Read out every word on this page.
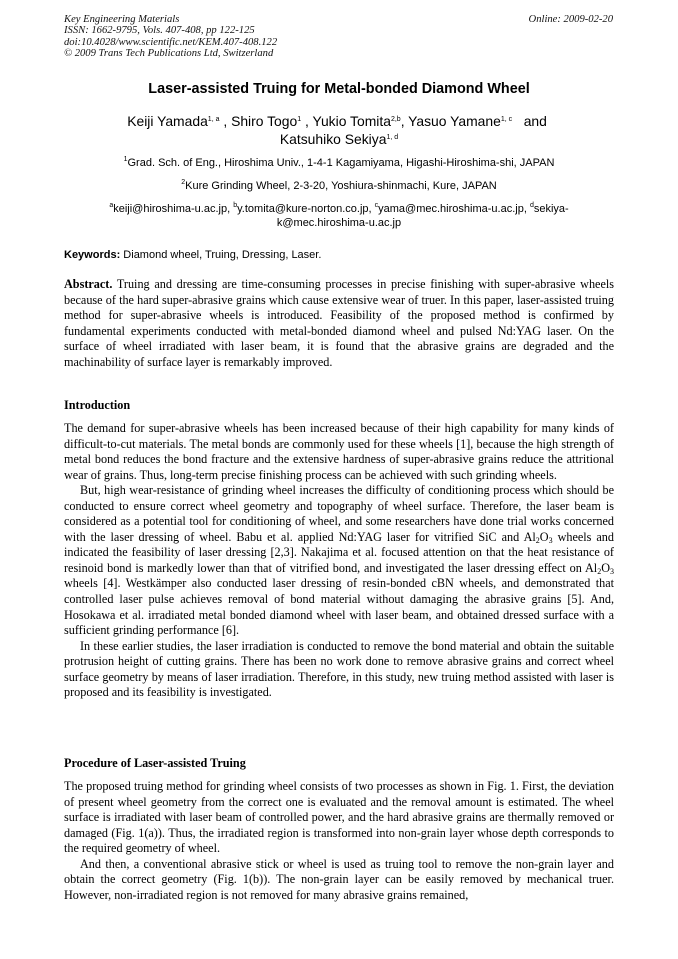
Key Engineering Materials
ISSN: 1662-9795, Vols. 407-408, pp 122-125
doi:10.4028/www.scientific.net/KEM.407-408.122
© 2009 Trans Tech Publications Ltd, Switzerland
Online: 2009-02-20
Laser-assisted Truing for Metal-bonded Diamond Wheel
Keiji Yamada$^{1, a}$ , Shiro Togo$^1$ , Yukio Tomita$^{2,b}$, Yasuo Yamane$^{1, c}$   and
Katsuhiko Sekiya$^{1, d}$
$^1$Grad. Sch. of Eng., Hiroshima Univ., 1-4-1 Kagamiyama, Higashi-Hiroshima-shi, JAPAN
$^2$Kure Grinding Wheel, 2-3-20, Yoshiura-shinmachi, Kure, JAPAN
$^a$keiji@hiroshima-u.ac.jp, $^b$y.tomita@kure-norton.co.jp, $^c$yama@mec.hiroshima-u.ac.jp, $^d$sekiya-k@mec.hiroshima-u.ac.jp
Keywords: Diamond wheel, Truing, Dressing, Laser.

Abstract. Truing and dressing are time-consuming processes in precise finishing with super-abrasive wheels because of the hard super-abrasive grains which cause extensive wear of truer. In this paper, laser-assisted truing method for super-abrasive wheels is introduced. Feasibility of the proposed method is confirmed by fundamental experiments conducted with metal-bonded diamond wheel and pulsed Nd:YAG laser. On the surface of wheel irradiated with laser beam, it is found that the abrasive grains are degraded and the machinability of surface layer is remarkably improved.

Introduction

The demand for super-abrasive wheels has been increased because of their high capability for many kinds of difficult-to-cut materials. The metal bonds are commonly used for these wheels [1], because the high strength of metal bond reduces the bond fracture and the extensive hardness of super-abrasive grains reduce the attritional wear of grains. Thus, long-term precise finishing process can be achieved with such grinding wheels.

But, high wear-resistance of grinding wheel increases the difficulty of conditioning process which should be conducted to ensure correct wheel geometry and topography of wheel surface. Therefore, the laser beam is considered as a potential tool for conditioning of wheel, and some researchers have done trial works concerned with the laser dressing of wheel. Babu et al. applied Nd:YAG laser for vitrified SiC and $Al_2O_3$ wheels and indicated the feasibility of laser dressing [2,3]. Nakajima et al. focused attention on that the heat resistance of resinoid bond is markedly lower than that of vitrified bond, and investigated the laser dressing effect on $Al_2O_3$ wheels [4]. Westkämper also conducted laser dressing of resin-bonded cBN wheels, and demonstrated that controlled laser pulse achieves removal of bond material without damaging the abrasive grains [5]. And, Hosokawa et al. irradiated metal bonded diamond wheel with laser beam, and obtained dressed surface with a sufficient grinding performance [6].

In these earlier studies, the laser irradiation is conducted to remove the bond material and obtain the suitable protrusion height of cutting grains. There has been no work done to remove abrasive grains and correct wheel surface geometry by means of laser irradiation. Therefore, in this study, new truing method assisted with laser is proposed and its feasibility is investigated.

Procedure of Laser-assisted Truing

The proposed truing method for grinding wheel consists of two processes as shown in Fig. 1. First, the deviation of present wheel geometry from the correct one is evaluated and the removal amount is estimated. The wheel surface is irradiated with laser beam of controlled power, and the hard abrasive grains are thermally removed or damaged (Fig. 1(a)). Thus, the irradiated region is transformed into non-grain layer whose depth corresponds to the required geometry of wheel.

And then, a conventional abrasive stick or wheel is used as truing tool to remove the non-grain layer and obtain the correct geometry (Fig. 1(b)). The non-grain layer can be easily removed by mechanical truer. However, non-irradiated region is not removed for many abrasive grains remained,
